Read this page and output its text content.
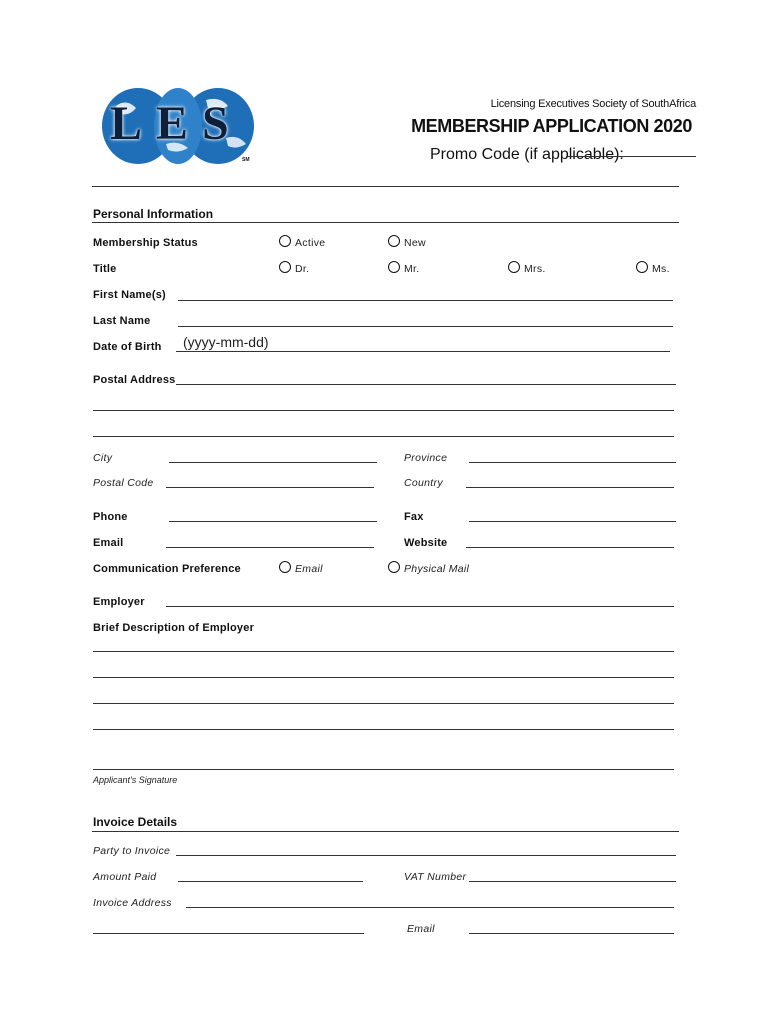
LES
SM
Licensing Executives Society of SouthAfrica
MEMBERSHIP APPLICATION 2020
Promo Code (if applicable):
Personal Information
Membership Status	Active	New
Title	Dr.	Mr.	Mrs.	Ms.
First Name(s)
Last Name
Date of Birth (yyyy-mm-dd)
Postal Address
City	Province
Postal Code	Country
Phone	Fax
Email	Website
Communication Preference	Email	Physical Mail
Employer
Brief Description of Employer
Applicant's Signature
Invoice Details
Party to Invoice
Amount Paid	VAT Number
Invoice Address
Email
